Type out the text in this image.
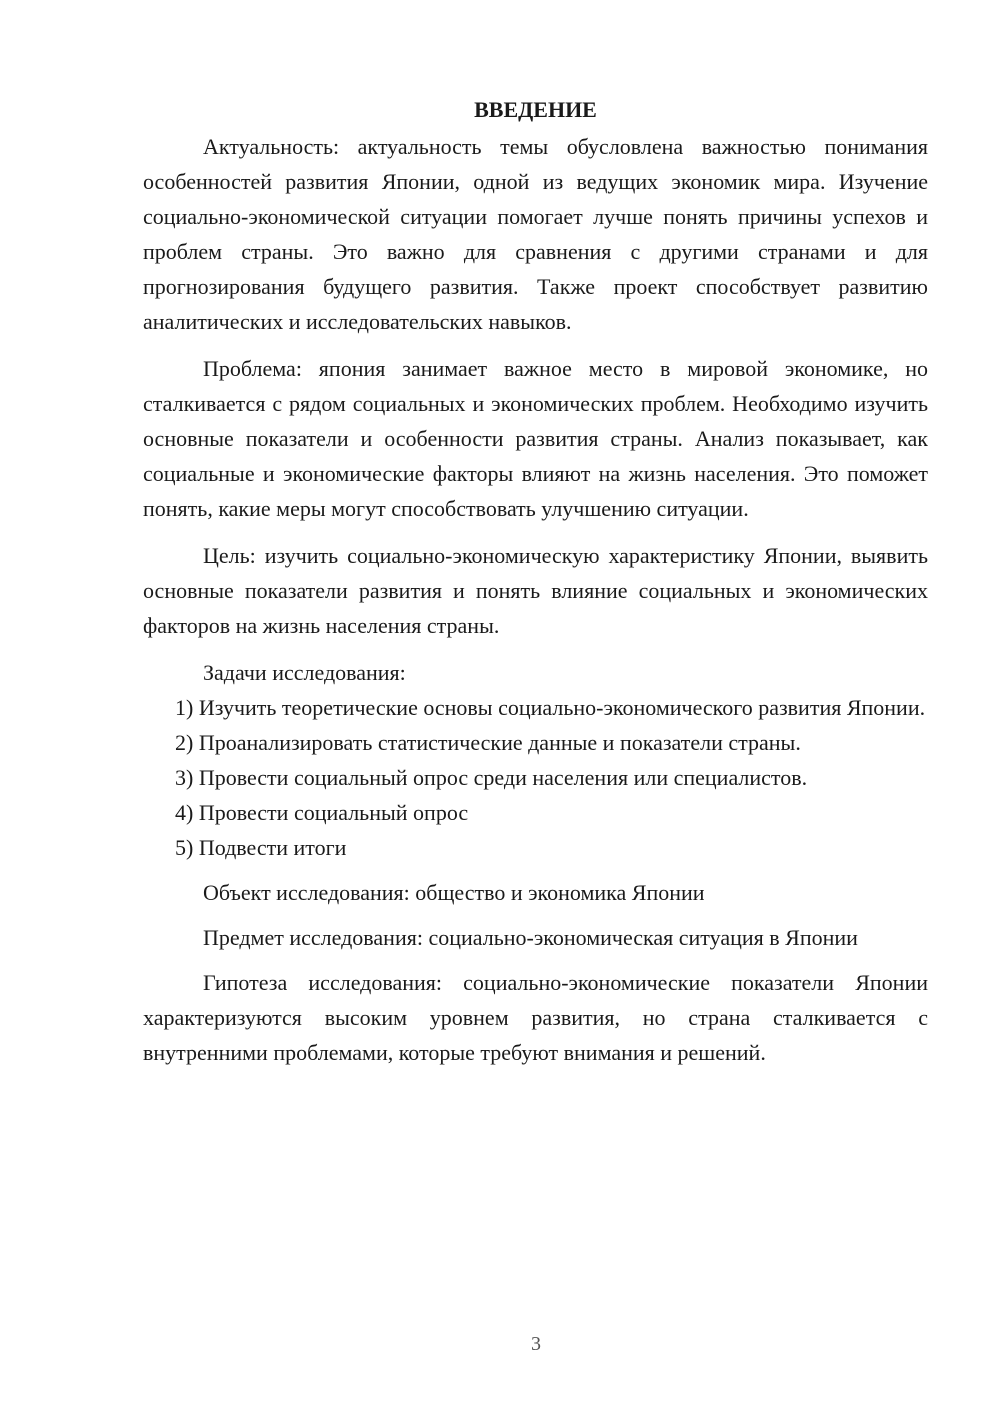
ВВЕДЕНИЕ

Актуальность: актуальность темы обусловлена важностью понимания особенностей развития Японии, одной из ведущих экономик мира. Изучение социально-экономической ситуации помогает лучше понять причины успехов и проблем страны. Это важно для сравнения с другими странами и для прогнозирования будущего развития. Также проект способствует развитию аналитических и исследовательских навыков.

Проблема: япония занимает важное место в мировой экономике, но сталкивается с рядом социальных и экономических проблем. Необходимо изучить основные показатели и особенности развития страны. Анализ показывает, как социальные и экономические факторы влияют на жизнь населения. Это поможет понять, какие меры могут способствовать улучшению ситуации.

Цель: изучить социально-экономическую характеристику Японии, выявить основные показатели развития и понять влияние социальных и экономических факторов на жизнь населения страны.

Задачи исследования:

1) Изучить теоретические основы социально-экономического развития Японии.

2) Проанализировать статистические данные и показатели страны.

3) Провести социальный опрос среди населения или специалистов.

4) Провести социальный опрос

5) Подвести итоги

Объект исследования: общество и экономика Японии

Предмет исследования: социально-экономическая ситуация в Японии

Гипотеза исследования: социально-экономические показатели Японии характеризуются высоким уровнем развития, но страна сталкивается с внутренними проблемами, которые требуют внимания и решений.

3
